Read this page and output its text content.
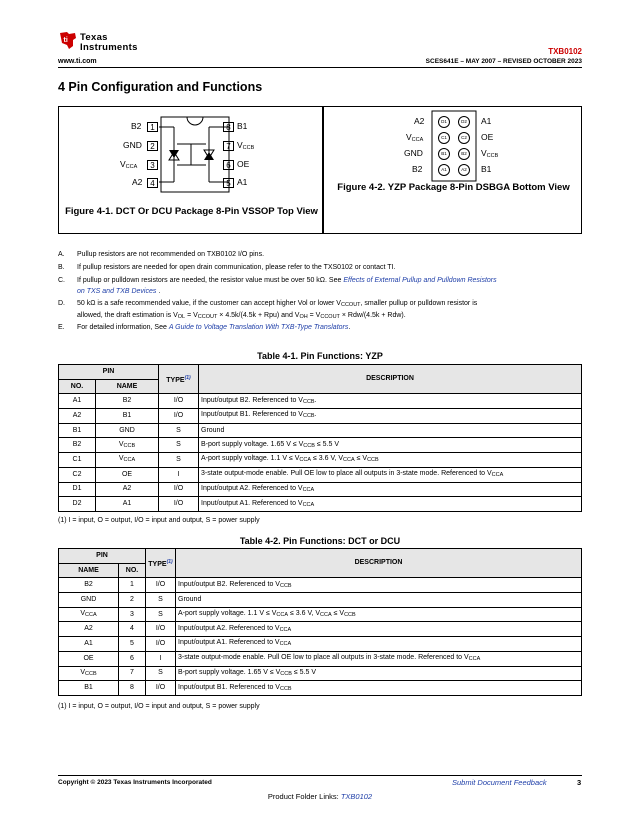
ti Texas
Instruments
www.ti.com
TXB0102
SCES641E – MAY 2007 – REVISED OCTOBER 2023
4 Pin Configuration and Functions
B2	1
GND	2
VCCA	3
A2 4
8 B1
7 VCCB
6 OE
5 A1
Figure 4-1. DCT Or DCU Package 8-Pin VSSOP Top View
A2
VCCA
GND
B2
A1
OE
VCCB
B1
D1
C1
B1
A1
D2
C2
B2
A2
Figure 4-2. YZP Package 8-Pin DSBGA Bottom View
A. Pullup resistors are not recommended on TXB0102 I/O pins.
B. If pullup resistors are needed for open drain communication, please refer to the TXS0102 or contact TI.
C. If pullup or pulldown resistors are needed, the resistor value must be over 50 kΩ. See Effects of External Pullup and Pulldown Resistors
on TXS and TXB Devices .
D. 50 kΩ is a safe recommended value, if the customer can accept higher Vol or lower VCCOUT, smaller pullup or pulldown resistor is
allowed, the draft estimation is VOL = VCCOUT × 4.5k/(4.5k + Rpu) and VOH = VCCOUT × Rdw/(4.5k + Rdw).
E. For detailed information, See A Guide to Voltage Translation With TXB-Type Translators.
Table 4-1. Pin Functions: YZP
PIN		TYPE$^{(1)}$	DESCRIPTION
NO.	NAME		
A1	B2	I/O	Input/output B2. Referenced to VCCB.
A2	B1	I/O	Input/output B1. Referenced to VCCB.
B1	GND	S	Ground
B2	VCCB	S	B-port supply voltage. 1.65 V ≤ VCCB ≤ 5.5 V
C1	VCCA	S	A-port supply voltage. 1.1 V ≤ VCCA ≤ 3.6 V, VCCA ≤ VCCB
C2	OE	I	3-state output-mode enable. Pull OE low to place all outputs in 3-state mode. Referenced to VCCA
D1	A2	I/O	Input/output A2. Referenced to VCCA
D2	A1	I/O	Input/output A1. Referenced to VCCA
(1) I = input, O = output, I/O = input and output, S = power supply
Table 4-2. Pin Functions: DCT or DCU
PIN		TYPE$^{(1)}$	DESCRIPTION
NAME	NO.		
B2	1	I/O	Input/output B2. Referenced to VCCB
GND	2	S	Ground
VCCA	3	S	A-port supply voltage. 1.1 V ≤ VCCA ≤ 3.6 V, VCCA ≤ VCCB
A2	4	I/O	Input/output A2. Referenced to VCCA
A1	5	I/O	Input/output A1. Referenced to VCCA
OE	6	I	3-state output-mode enable. Pull OE low to place all outputs in 3-state mode. Referenced to VCCA
VCCB	7	S	B-port supply voltage. 1.65 V ≤ VCCB ≤ 5.5 V
B1	8	I/O	Input/output B1. Referenced to VCCB
(1) I = input, O = output, I/O = input and output, S = power supply
Copyright © 2023 Texas Instruments Incorporated	Submit Document Feedback	3
Product Folder Links: TXB0102
